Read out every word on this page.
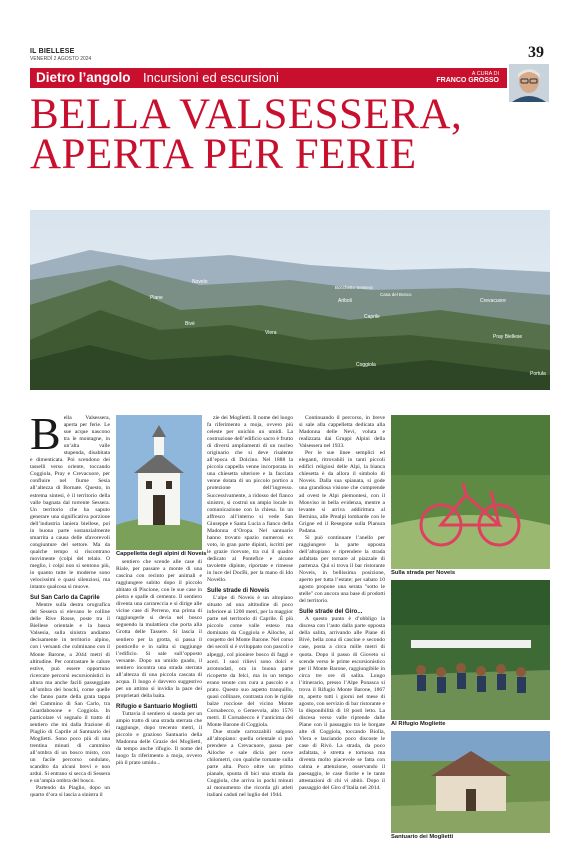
IL BIELLESE
VENERDÌ 2 AGOSTO 2024	39
Dietro l’angolo Incursioni ed escursioni	A CURA DI
FRANCO GROSSO
BELLA VALSESSERA,
APERTA PER FERIE
Novelo
Bocchetto Sessera
Casa del Bosco
Piane	Ariboli	Crevacuore
Caprile
Pray Biellese
Bivè
Viera
Coggiola
Portula
B ella Valsessera, aperta per ferie. Le sue acque nascono tra le montagne, in un’alta valle stupenda, disabitata e dimenticata. Poi scendono dei tasselli verso oriente, toccando Coggiola, Pray e Crevacuore, per confluire nel fiume Sesia all’altezza di Bornate. Questo, in estrema sintesi, è il territorio della valle bagnata dal torrente Sessera. Un territorio che ha saputo generare una significativa porzione dell’industria laniera biellese, poi in buona parte sostanzialmente smarrita a causa delle sfavorevoli congiunture del settore. Ma da qualche tempo si riscontrano movimente (colpi del telaio. O meglio, i colpi non si sentono più, in quanto tutte le moderne sono velocissimi e quasi silenziosi, ma intanto qualcosa si muove.
Sul San Carlo da Caprile

Mentre sulla destra orografica del Sessera si elevano le colline delle Rive Rosse, poste tra il Biellese orientale e la bassa Valsesia, sulla sinistra andiamo decisamente in territorio alpino, con i versanti che culminano con il Monte Barone, a 2044 metri di altitudine. Per contrastare le calure estive, può essere opportuno ricercare percorsi escursionistici in altura ma anche facili passeggiate all’ombra dei boschi, come quelle che fanno parte della grata tappa del Cammino di San Carlo, tra Guardabosone e Coggiola. In particolare vi segnalo il tratto di sentiero che mi dalla frazione di Piaglio di Caprile al Santuario dei Moglietti. Sono poco più di una trentina minuti di cammino all’ombra di un bosco misto, con un facile percorso ondulato, scandito da alcuni brevi e non ardui. Si entrano si secca di Sessera e un’ampia ombra del bosco.

Partendo da Piaglio, dopo un quarto d’ora si lascia a sinistra il

Cappelletta degli alpini di Noveis

sentiero che scende alle case di Riale, per passare a monte di una cascina con recinto per animali e raggiungere subito dopo il piccolo abitato di Piscione, con le sue case in pietra e spalle di cemento. Il sentiero diventa una carrareccia e si dirige alle vicine case di Perreno, ma prima di raggiungerle si devia nel bosco seguendo la mulattiera che porta alla Grotta delle Tassere. Si lascia il sentiero per la grotta, si passa il ponticello e in salita si raggiunge l’edificio. Si sale sull’opposto versante. Dopo un umido guado, il sentiero incontra una strada sterrata all’altezza di una piccola cascata di acqua. Il luogo è davvero suggestivo per un attimo si invidia la pace dei proprietari della baita.

Rifugio e Santuario Moglietti

Tuttavia il sentiero si snoda per un ampio tratto di una strada sterrata che raggiunge, dopo trecento metri, il piccolo e grazioso Santuario della Madonna delle Grazie dei Moglietti, da tempo anche rifugio. Il nome del luogo fa riferimento a moja, ovvero più il prato umido...

zie dei Moglietti. Il nome del luogo fa riferimento a moja, ovvero più celeste per unichin un umidi. La costruzione dell’edificio sacro è frutto di diversi ampliamenti di un nucleo originario che si deve risalente all’epoca di Dolcino. Nel 1888 la piccola cappella venne incorporata in una chiesetta ulteriore e la facciata venne dotata di un piccolo portico a protezione dell’ingresso. Successivamente, a ridosso del fianco sinistro, si costruì un ampio locale in comunicazione con la chiesa. In un affresco all’interno si vede San Giuseppe e Santa Lucia a fianco della Madonna d’Oropa. Nel santuario hanno trovato spazio numerosi ex voto, in gran parte dipinti, iscritti per le grazie ricevute, tra cui il quadro dedicato al Pontefice e alcune tavolette dipinte, riportate e rimesse in luce del DocBi, per la mano di Ido Novello.

Sulle strade di Noveis

L’alpe di Noveis è un altopiano situato ad una altitudine di poco inferiore ai 1200 metri, per la maggior parte nel territorio di Caprile. È più piccolo come valle esteso ma dominato da Coggiola e Ailoche, al cospetto del Monte Barone. Nel corso dei secoli si è sviluppato con pascoli e alpeggi, col pioniere bosco di faggi e aceri. I suoi rilievi sono dolci e arrotondati, ora in buona parte ricoperte da felci, ma in un tempo erano tenute con cura a pascolo e a prato. Questo suo aspetto tranquillo, quasi collinare, contrasta con le rigide balze rocciose del vicino Monte Cornabecco, o Gemevola, alto 1576 metri. Il Cornabecco è l’anticima del Monte Barone di Coggiola.

Due strade carrozzabili salgono all’altopiano: quella orientale si può prendere a Crevacuore, passa per Ailoche e sale dicia per nove chilometri, con qualche tornante sulla parte alta. Poco oltre un primo pianale, spunta di bici una strada da Coggiola, che arriva in pochi minuti al monumento che ricorda gli atleti italiani caduti nel luglio del 1944.

Continuando il percorso, in breve si sale alla cappelletta dedicata alla Madonna delle Nevi, voluta e realizzata dai Gruppi Alpini della Valsessera nel 1933.

Per le sue linee semplici ed eleganti, ritrovabili in tanti piccoli edifici religiosi delle Alpi, la bianca chiesetta è da allora il simbolo di Noveis. Dalla sua spianata, si gode una grandiosa visione che comprende ad ovest le Alpi piemontesi, con il Monviso in bella evidenza, mentre a levante si arriva addirittura al Bernina, alle Prealpi lombarde con le Grigne ed il Resegone sulla Pianura Padana.

Si può continuare l’anello per raggiungere la parte opposta dell’altopiano e riprendere la strada asfaltata per tornare al piazzale di partenza. Qui si trova il bar ristorante Noveis, in bellissima posizione, aperto per tutta l’estate; per sabato 10 agosto propone una serata "sotto le stelle" con ancora una base di prodotti del territorio.

Sulle strade del Giro...

A questo punto è d’obbligo la discesa con l’auto dalla parte opposta della salita, arrivando alle Piane di Bivè, bella zona di cascine e secondo case, posta a circa mille metri di quota. Dopo il passo di Gioveto si scende verso le prime escursionistico per il Monte Barone, raggiungibile in circa tre ore di salita. Lungo l’itinerario, presso l’Alpe Ponasca si trova il Rifugio Monte Barone, 1867 m, aperto tutti i giorni nel mese di agosto, con servizio di bar ristorante e la disponibilità di 18 posti letto. La discesa verso valle riprende dalle Piane con il passaggio tra le borgate alte di Coggiola, toccando Biolla, Viera e lasciando poco discoste le case di Rivò. La strada, da poco asfaltata, è stretta e tortuosa ma diventa molto piacevole se fatta con calma e attenzione, osservando il paesaggio, le case fiorite e le tante attestazioni di chi vi abitò. Dopo il passaggio del Giro d’Italia nel 2014.

Sulla strada per Noveis
Al Rifugio Mogliette
Santuario dei Moglietti
